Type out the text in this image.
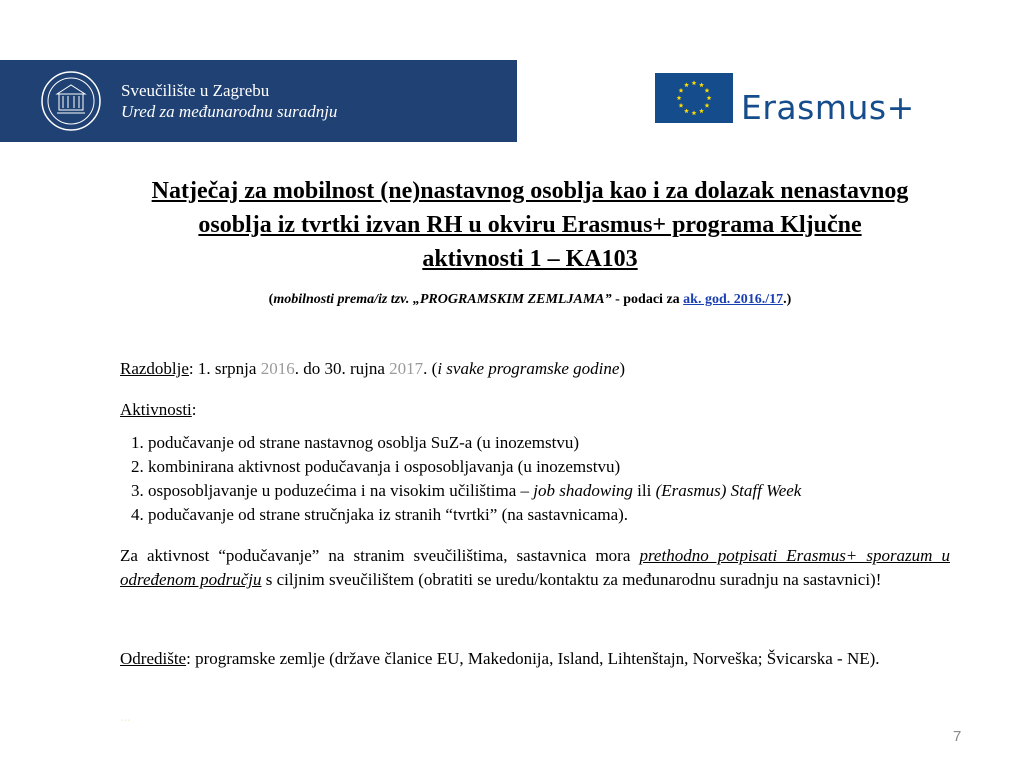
Sveučilište u Zagrebu
Ured za međunarodnu suradnju	Erasmus+
Natječaj za mobilnost (ne)nastavnog osoblja kao i za dolazak nenastavnog osoblja iz tvrtki izvan RH u okviru Erasmus+ programa Ključne aktivnosti 1 – KA103
(mobilnosti prema/iz tzv. „PROGRAMSKIM ZEMLJAMA” - podaci za ak. god. 2016./17.)
Razdoblje: 1. srpnja 2016. do 30. rujna 2017. (i svake programske godine)
Aktivnosti:
1. podučavanje od strane nastavnog osoblja SuZ-a (u inozemstvu)
2. kombinirana aktivnost podučavanja i osposobljavanja (u inozemstvu)
3. osposobljavanje u poduzećima i na visokim učilištima – job shadowing ili (Erasmus) Staff Week
4. podučavanje od strane stručnjaka iz stranih “tvrtki” (na sastavnicama).
Za aktivnost “podučavanje” na stranim sveučilištima, sastavnica mora prethodno potpisati Erasmus+ sporazum u određenom području s ciljnim sveučilištem (obratiti se uredu/kontaktu za međunarodnu suradnju na sastavnici)!
Odredište: programske zemlje (države članice EU, Makedonija, Island, Lihtenštajn, Norveška; Švicarska - NE).
...
7
